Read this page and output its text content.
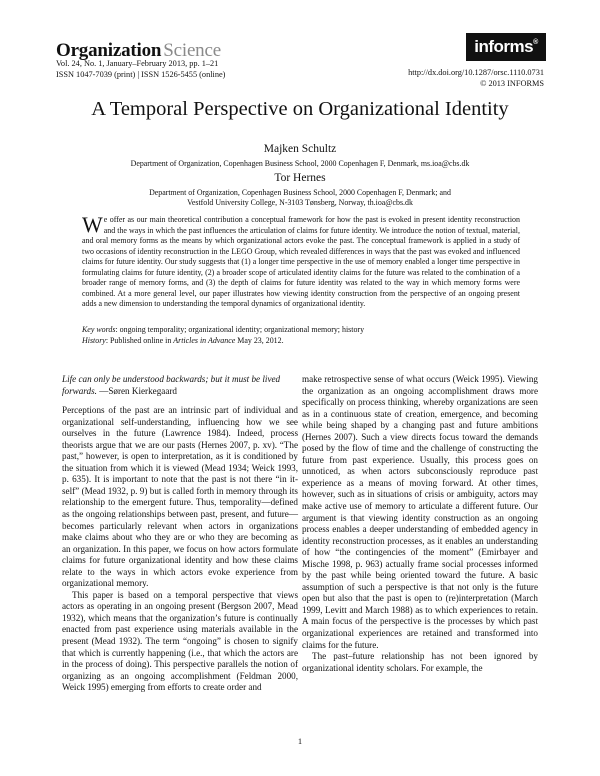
Organization Science
Vol. 24, No. 1, January–February 2013, pp. 1–21
ISSN 1047-7039 (print) | ISSN 1526-5455 (online)
informs®
http://dx.doi.org/10.1287/orsc.1110.0731
© 2013 INFORMS
A Temporal Perspective on Organizational Identity
Majken Schultz
Department of Organization, Copenhagen Business School, 2000 Copenhagen F, Denmark, ms.ioa@cbs.dk
Tor Hernes
Department of Organization, Copenhagen Business School, 2000 Copenhagen F, Denmark; and
Vestfold University College, N-3103 Tønsberg, Norway, th.ioa@cbs.dk
We offer as our main theoretical contribution a conceptual framework for how the past is evoked in present identity reconstruction and the ways in which the past influences the articulation of claims for future identity. We introduce the notion of textual, material, and oral memory forms as the means by which organizational actors evoke the past. The conceptual framework is applied in a study of two occasions of identity reconstruction in the LEGO Group, which revealed differences in ways that the past was evoked and influenced claims for future identity. Our study suggests that (1) a longer time perspective in the use of memory enabled a longer time perspective in formulating claims for future identity, (2) a broader scope of articulated identity claims for the future was related to the combination of a broader range of memory forms, and (3) the depth of claims for future identity was related to the way in which memory forms were combined. At a more general level, our paper illustrates how viewing identity construction from the perspective of an ongoing present adds a new dimension to understanding the temporal dynamics of organizational identity.
Key words: ongoing temporality; organizational identity; organizational memory; history
History: Published online in Articles in Advance May 23, 2012.
Life can only be understood backwards; but it must be lived forwards. —Søren Kierkegaard

Perceptions of the past are an intrinsic part of individual and organizational self-understanding, influencing how we see ourselves in the future (Lawrence 1984). Indeed, process theorists argue that we are our pasts (Hernes 2007, p. xv). “The past,” however, is open to interpretation, as it is conditioned by the situation from which it is viewed (Mead 1934; Weick 1993, p. 635). It is important to note that the past is not there “in it-self” (Mead 1932, p. 9) but is called forth in memory through its relationship to the emergent future. Thus, temporality—defined as the ongoing relationships between past, present, and future—becomes particularly relevant when actors in organizations make claims about who they are or who they are becoming as an organization. In this paper, we focus on how actors formulate claims for future organizational identity and how these claims relate to the ways in which actors evoke experience from organizational memory.

This paper is based on a temporal perspective that views actors as operating in an ongoing present (Bergson 2007, Mead 1932), which means that the organization’s future is continually enacted from past experience using materials available in the present (Mead 1932). The term “ongoing” is chosen to signify that which is currently happening (i.e., that which the actors are in the process of doing). This perspective parallels the notion of organizing as an ongoing accomplishment (Feldman 2000, Weick 1995) emerging from efforts to create order and

make retrospective sense of what occurs (Weick 1995). Viewing the organization as an ongoing accomplishment draws more specifically on process thinking, whereby organizations are seen as in a continuous state of creation, emergence, and becoming while being shaped by a changing past and future ambitions (Hernes 2007). Such a view directs focus toward the demands posed by the flow of time and the challenge of constructing the future from past experience. Usually, this process goes on unnoticed, as when actors subconsciously reproduce past experience as a means of moving forward. At other times, however, such as in situations of crisis or ambiguity, actors may make active use of memory to articulate a different future. Our argument is that viewing identity construction as an ongoing process enables a deeper understanding of embedded agency in identity reconstruction processes, as it enables an understanding of how “the contingencies of the moment” (Emirbayer and Mische 1998, p. 963) actually frame social processes informed by the past while being oriented toward the future. A basic assumption of such a perspective is that not only is the future open but also that the past is open to (re)interpretation (March 1999, Levitt and March 1988) as to which experiences to retain. A main focus of the perspective is the processes by which past organizational experiences are retained and transformed into claims for the future.

The past–future relationship has not been ignored by organizational identity scholars. For example, the

1
